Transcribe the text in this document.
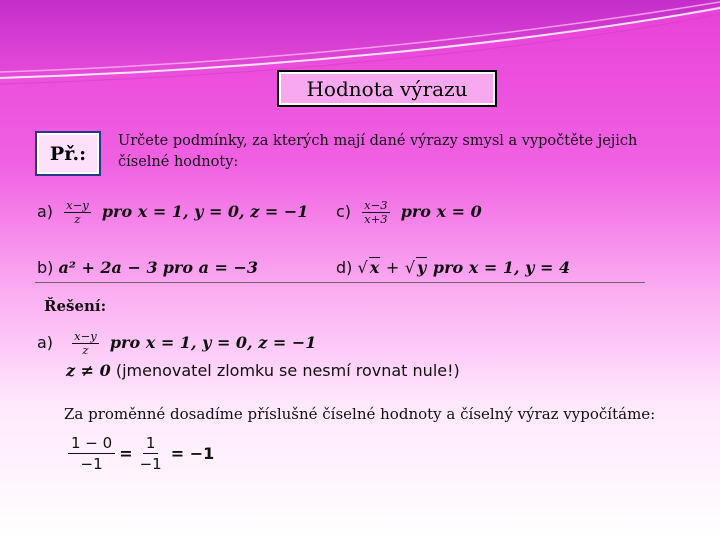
Hodnota výrazu
Př.:
Určete podmínky, za kterých mají dané výrazy smysl a vypočtěte jejich číselné hodnoty:
$a) \frac{x-y}{z}$ pro x = 1, y = 0, z = −1 $c) \frac{x-3}{x+3}$ pro x = 0
b) a² + 2a − 3 pro a = −3	d) √ x + √ y pro x = 1, y = 4
Řešení:
$a) \frac{x-y}{z}$ pro x = 1, y = 0, z = −1
z ≠ 0 (jmenovatel zlomku se nesmí rovnat nule!)
Za proměnné dosadíme příslušné číselné hodnoty a číselný výraz vypočítáme:
$\frac{1 - 0}{-1} = \frac{1}{-1} = -1$
